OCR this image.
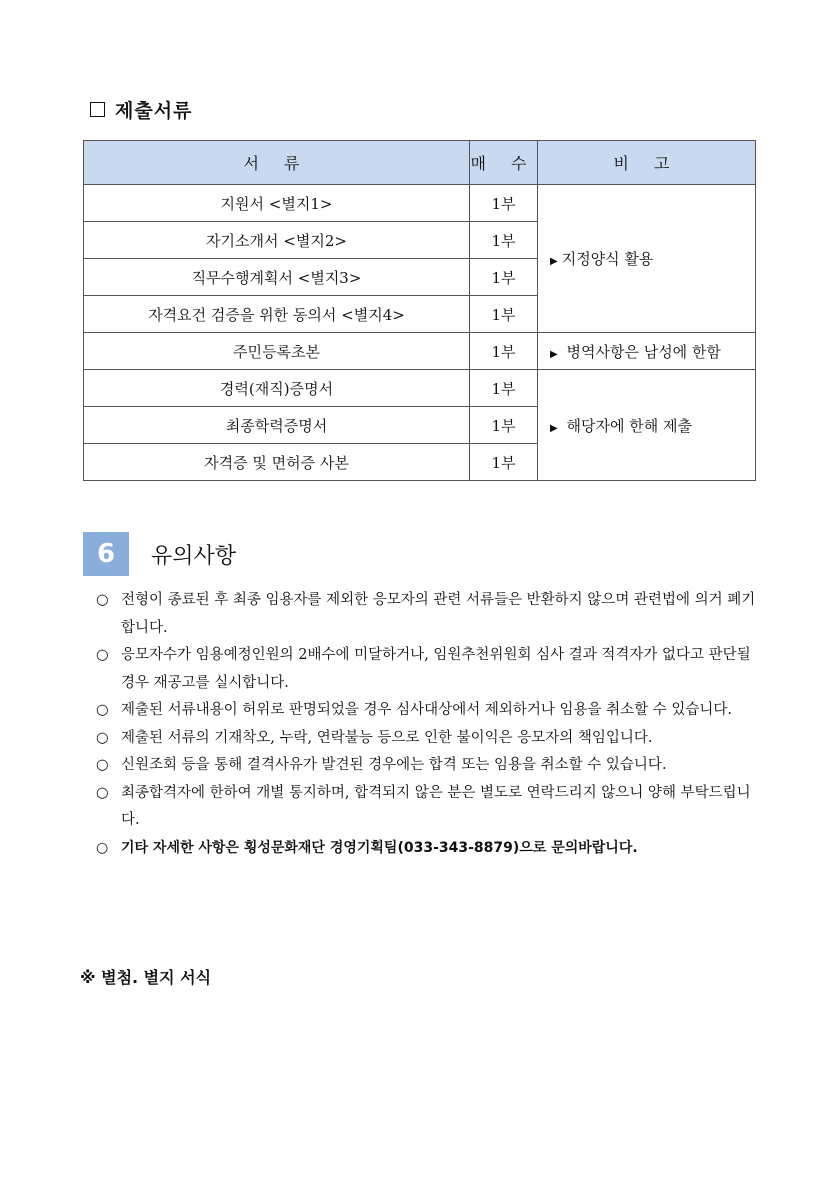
제출서류
서 류	매 수	비 고
지원서 <별지1>	1부	▶ 지정양식 활용
자기소개서 <별지2>	1부	
직무수행계획서 <별지3>	1부	
자격요건 검증을 위한 동의서 <별지4>	1부	
주민등록초본	1부	▶ 병역사항은 남성에 한함
경력(재직)증명서	1부	▶ 해당자에 한해 제출
최종학력증명서	1부	
자격증 및 면허증 사본	1부	
6	유의사항
○ 전형이 종료된 후 최종 임용자를 제외한 응모자의 관련 서류들은 반환하지 않으며 관련법에 의거 폐기합니다.
○ 응모자수가 임용예정인원의 2배수에 미달하거나, 임원추천위원회 심사 결과 적격자가 없다고 판단될 경우 재공고를 실시합니다.
○ 제출된 서류내용이 허위로 판명되었을 경우 심사대상에서 제외하거나 임용을 취소할 수 있습니다.
○ 제출된 서류의 기재착오, 누락, 연락불능 등으로 인한 불이익은 응모자의 책임입니다.
○ 신원조회 등을 통해 결격사유가 발견된 경우에는 합격 또는 임용을 취소할 수 있습니다.
○ 최종합격자에 한하여 개별 통지하며, 합격되지 않은 분은 별도로 연락드리지 않으니 양해 부탁드립니다.
○ 기타 자세한 사항은 횡성문화재단 경영기획팀(033-343-8879)으로 문의바랍니다.
※ 별첨. 별지 서식
